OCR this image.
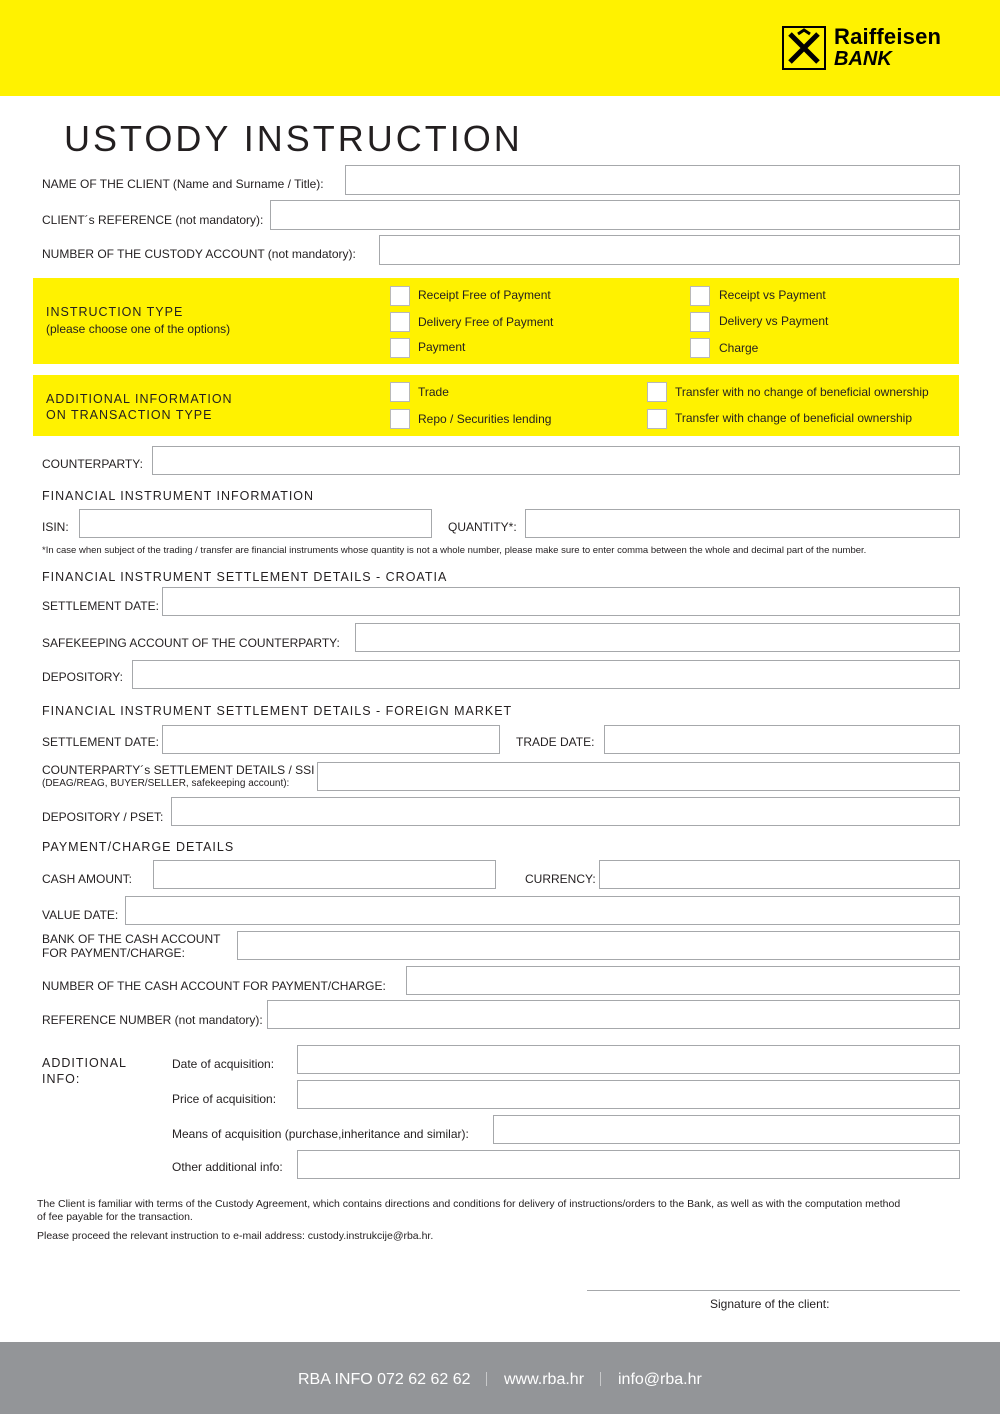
Raiffeisen
BANK
USTODY INSTRUCTION
NAME OF THE CLIENT (Name and Surname / Title):
CLIENT´s REFERENCE (not mandatory):
NUMBER OF THE CUSTODY ACCOUNT (not mandatory):
INSTRUCTION TYPE
(please choose one of the options)
Receipt Free of Payment
Delivery Free of Payment
Payment
Receipt vs Payment
Delivery vs Payment
Charge
ADDITIONAL INFORMATION
ON TRANSACTION TYPE
Trade
Repo / Securities lending
Transfer with no change of beneficial ownership
Transfer with change of beneficial ownership
COUNTERPARTY:
FINANCIAL INSTRUMENT INFORMATION
ISIN:	QUANTITY*:
*In case when subject of the trading / transfer are financial instruments whose quantity is not a whole number, please make sure to enter comma between the whole and decimal part of the number.
FINANCIAL INSTRUMENT SETTLEMENT DETAILS - CROATIA
SETTLEMENT DATE:
SAFEKEEPING ACCOUNT OF THE COUNTERPARTY:
DEPOSITORY:
FINANCIAL INSTRUMENT SETTLEMENT DETAILS - FOREIGN MARKET
SETTLEMENT DATE:	TRADE DATE:
COUNTERPARTY´s SETTLEMENT DETAILS / SSI
(DEAG/REAG, BUYER/SELLER, safekeeping account):
DEPOSITORY / PSET:
PAYMENT/CHARGE DETAILS
CASH AMOUNT:	CURRENCY:
VALUE DATE:
BANK OF THE CASH ACCOUNT
FOR PAYMENT/CHARGE:
NUMBER OF THE CASH ACCOUNT FOR PAYMENT/CHARGE:
REFERENCE NUMBER (not mandatory):
ADDITIONAL
INFO:
Date of acquisition:
Price of acquisition:
Means of acquisition (purchase,inheritance and similar):
Other additional info:
The Client is familiar with terms of the Custody Agreement, which contains directions and conditions for delivery of instructions/orders to the Bank, as well as with the computation method
of fee payable for the transaction.
Please proceed the relevant instruction to e-mail address: custody.instrukcije@rba.hr.
Signature of the client:
RBA INFO 072 62 62 62 www.rba.hr info@rba.hr
